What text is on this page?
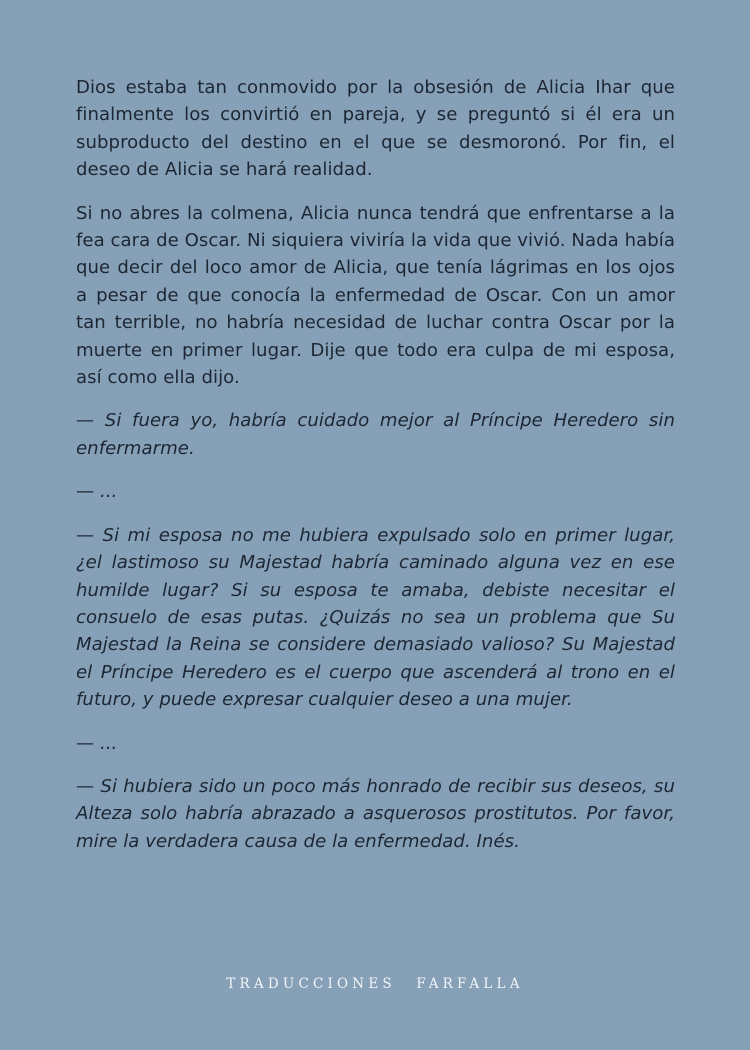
Dios estaba tan conmovido por la obsesión de Alicia Ihar que finalmente los convirtió en pareja, y se preguntó si él era un subproducto del destino en el que se desmoronó. Por fin, el deseo de Alicia se hará realidad.

Si no abres la colmena, Alicia nunca tendrá que enfrentarse a la fea cara de Oscar. Ni siquiera viviría la vida que vivió. Nada había que decir del loco amor de Alicia, que tenía lágrimas en los ojos a pesar de que conocía la enfermedad de Oscar. Con un amor tan terrible, no habría necesidad de luchar contra Oscar por la muerte en primer lugar. Dije que todo era culpa de mi esposa, así como ella dijo.

— Si fuera yo, habría cuidado mejor al Príncipe Heredero sin enfermarme.

— ...

— Si mi esposa no me hubiera expulsado solo en primer lugar, ¿el lastimoso su Majestad habría caminado alguna vez en ese humilde lugar? Si su esposa te amaba, debiste necesitar el consuelo de esas putas. ¿Quizás no sea un problema que Su Majestad la Reina se considere demasiado valioso? Su Majestad el Príncipe Heredero es el cuerpo que ascenderá al trono en el futuro, y puede expresar cualquier deseo a una mujer.

— ...

— Si hubiera sido un poco más honrado de recibir sus deseos, su Alteza solo habría abrazado a asquerosos prostitutos. Por favor, mire la verdadera causa de la enfermedad. Inés.

TRADUCCIONES FARFALLA
